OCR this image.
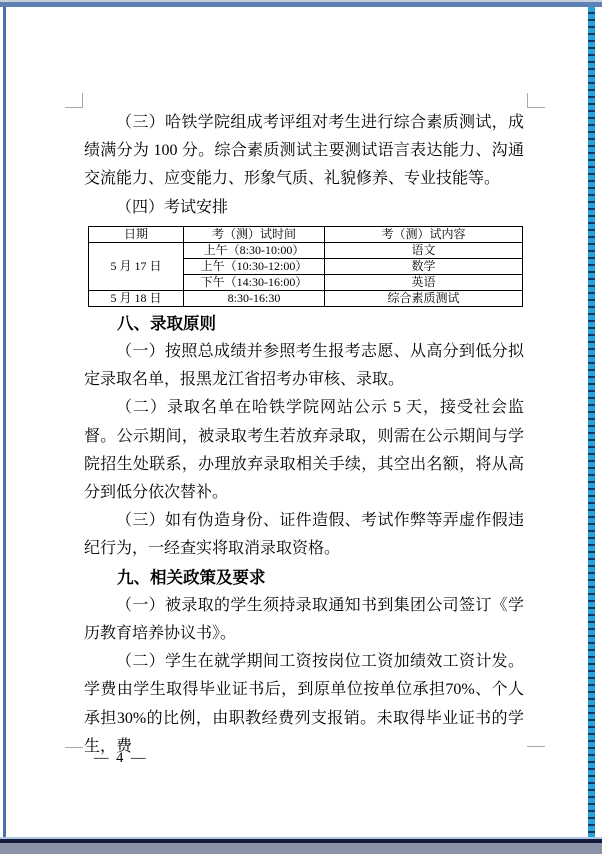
（三）哈铁学院组成考评组对考生进行综合素质测试，成绩满分为 100 分。综合素质测试主要测试语言表达能力、沟通交流能力、应变能力、形象气质、礼貌修养、专业技能等。

（四）考试安排

日期	考（测）试时间	考（测）试内容
5 月 17 日	上午（8:30-10:00）	语文
	上午（10:30-12:00）	数学
	下午（14:30-16:00）	英语
5 月 18 日	8:30-16:30	综合素质测试
八、录取原则

（一）按照总成绩并参照考生报考志愿、从高分到低分拟定录取名单，报黑龙江省招考办审核、录取。

（二）录取名单在哈铁学院网站公示 5 天，接受社会监督。公示期间，被录取考生若放弃录取，则需在公示期间与学院招生处联系，办理放弃录取相关手续，其空出名额，将从高分到低分依次替补。

（三）如有伪造身份、证件造假、考试作弊等弄虚作假违纪行为，一经查实将取消录取资格。

九、相关政策及要求

（一）被录取的学生须持录取通知书到集团公司签订《学历教育培养协议书》。

（二）学生在就学期间工资按岗位工资加绩效工资计发。学费由学生取得毕业证书后，到原单位按单位承担70%、个人承担30%的比例，由职教经费列支报销。未取得毕业证书的学生，费

— 4 —
